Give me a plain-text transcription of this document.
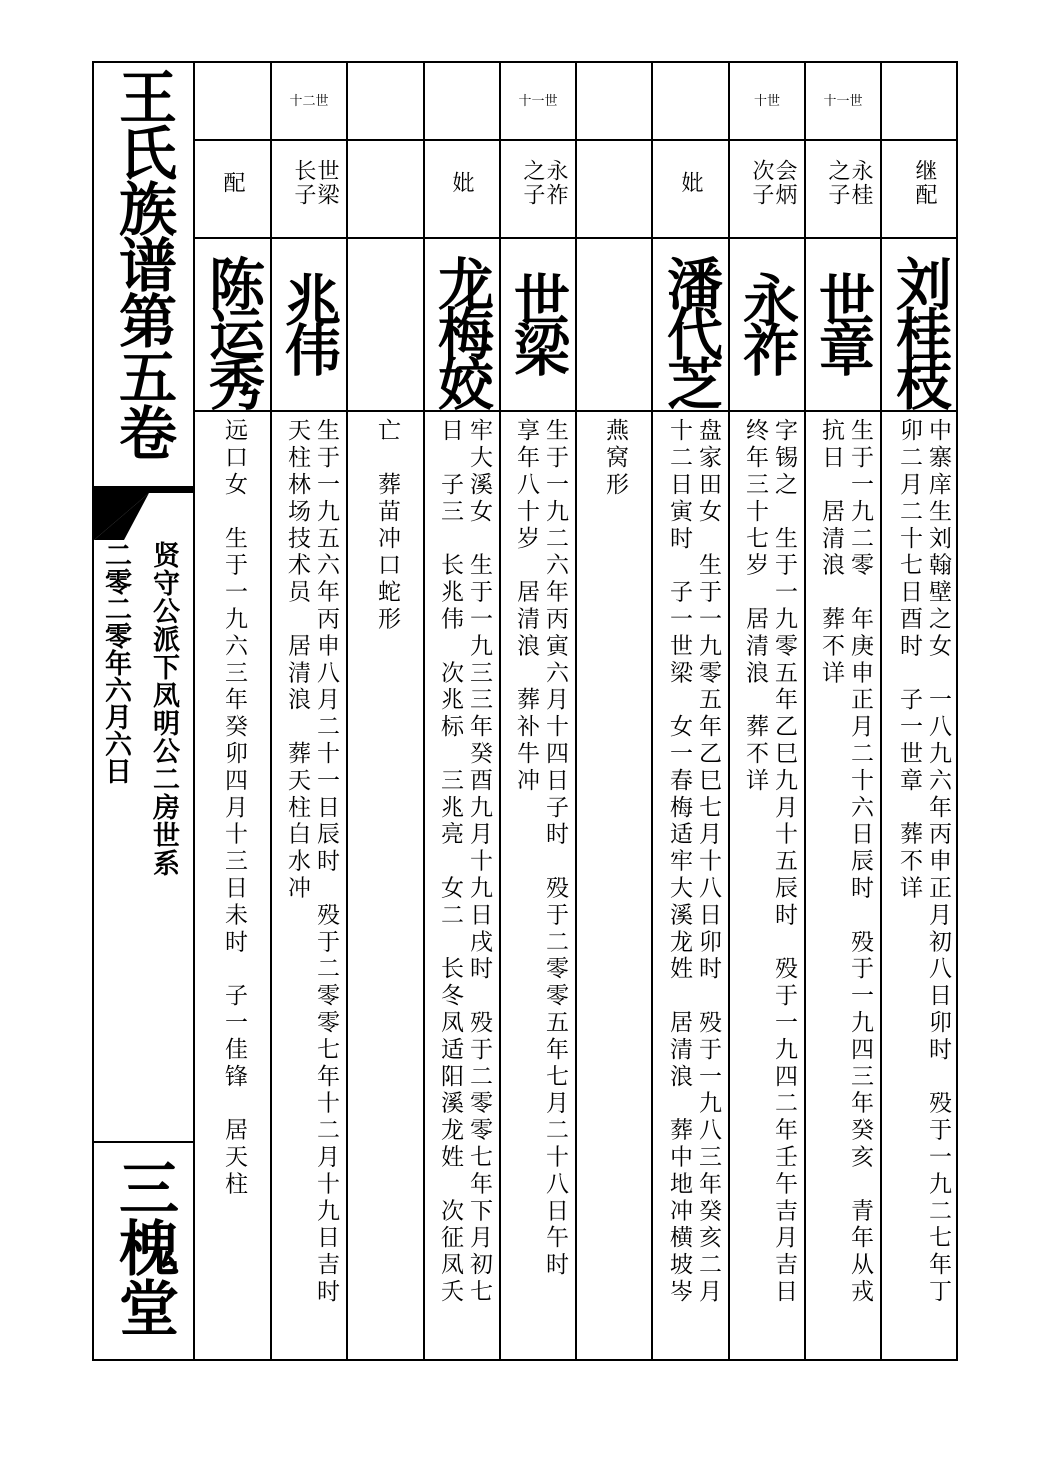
王氏族谱第五卷
贤守公派下凤明公二房世系
二零二零年六月六日
三槐堂
继配
刘桂枝
中寨庠生刘翰壁之女　一八九六年丙申正月初八日卯时　殁于一九二七年丁
卯二月二十七日酉时　子一世章　葬不详
十一世
永桂
之子
世章
生于一九二零　年庚申正月二十六日辰时　殁于一九四三年癸亥　青年从戎
抗日　居清浪　葬不详
十世
会炳
次子
永祚
字锡之　生于一九零五年乙巳九月十五辰时　殁于一九四二年壬午吉月吉日
终年三十七岁　居清浪　葬不详
妣
潘代芝
盘家田女　生于一九零五年乙巳七月十八日卯时　殁于一九八三年癸亥二月
十二日寅时　子一世梁　女一春梅适牢大溪龙姓　居清浪　葬中地冲横坡岑
燕窝形
十一世
永祚
之子
世梁
生于一九二六年丙寅六月十四日子时　殁于二零零五年七月二十八日午时
享年八十岁　居清浪　葬补牛冲
妣
龙梅姣
牢大溪女　生于一九三三年癸酉九月十九日戌时　殁于二零零七年下月初七
日　子三　长兆伟　次兆标　三兆亮　女二　长冬凤适阳溪龙姓　次征凤夭
亡　葬苗冲口蛇形
十二世
世梁
长子
兆伟
生于一九五六年丙申八月二十一日辰时　殁于二零零七年十二月十九日吉时
天柱林场技术员　居清浪　葬天柱白水冲
配
陈运秀
远口女　生于一九六三年癸卯四月十三日未时　子一佳锋　居天柱
